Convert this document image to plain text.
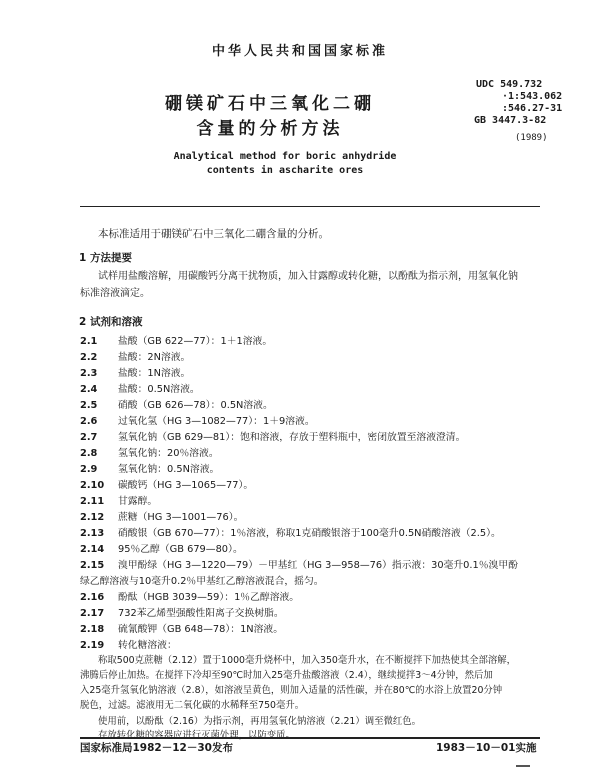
中华人民共和国国家标准
UDC 549.732
·1:543.062
:546.27-31
GB 3447.3-82
硼镁矿石中三氧化二硼
含量的分析方法	(1989)
Analytical method for boric anhydride
contents in ascharite ores
本标准适用于硼镁矿石中三氧化二硼含量的分析。
1 方法提要
试样用盐酸溶解，用碳酸钙分离干扰物质，加入甘露醇或转化糖，以酚酞为指示剂，用氢氧化钠
标准溶液滴定。
2 试剂和溶液
2.1 盐酸（GB 622—77）：1＋1溶液。
2.2 盐酸：2N溶液。
2.3 盐酸：1N溶液。
2.4 盐酸：0.5N溶液。
2.5 硝酸（GB 626—78）：0.5N溶液。
2.6 过氧化氢（HG 3—1082—77）：1＋9溶液。
2.7 氢氧化钠（GB 629—81）：饱和溶液，存放于塑料瓶中，密闭放置至溶液澄清。
2.8 氢氧化钠：20％溶液。
2.9 氢氧化钠：0.5N溶液。
2.10 碳酸钙（HG 3—1065—77）。
2.11 甘露醇。
2.12 蔗糖（HG 3—1001—76）。
2.13 硝酸银（GB 670—77）：1％溶液，称取1克硝酸银溶于100毫升0.5N硝酸溶液（2.5）。
2.14 95％乙醇（GB 679—80）。
2.15 溴甲酚绿（HG 3—1220—79）－甲基红（HG 3—958—76）指示液：30毫升0.1％溴甲酚
绿乙醇溶液与10毫升0.2％甲基红乙醇溶液混合，摇匀。
2.16 酚酞（HGB 3039—59）：1％乙醇溶液。
2.17 732苯乙烯型强酸性阳离子交换树脂。
2.18 硫氰酸钾（GB 648—78）：1N溶液。
2.19 转化糖溶液：
称取500克蔗糖（2.12）置于1000毫升烧杯中，加入350毫升水，在不断搅拌下加热使其全部溶解，
沸腾后停止加热。在搅拌下冷却至90℃时加入25毫升盐酸溶液（2.4），继续搅拌3～4分钟，然后加
入25毫升氢氧化钠溶液（2.8），如溶液呈黄色，则加入适量的活性碳，并在80℃的水浴上放置20分钟
脱色，过滤。滤液用无二氧化碳的水稀释至750毫升。
使用前，以酚酞（2.16）为指示剂，再用氢氧化钠溶液（2.21）调至微红色。
存放转化糖的容器应进行灭菌处理，以防变质。
国家标准局1982－12－30发布	1983－10－01实施
